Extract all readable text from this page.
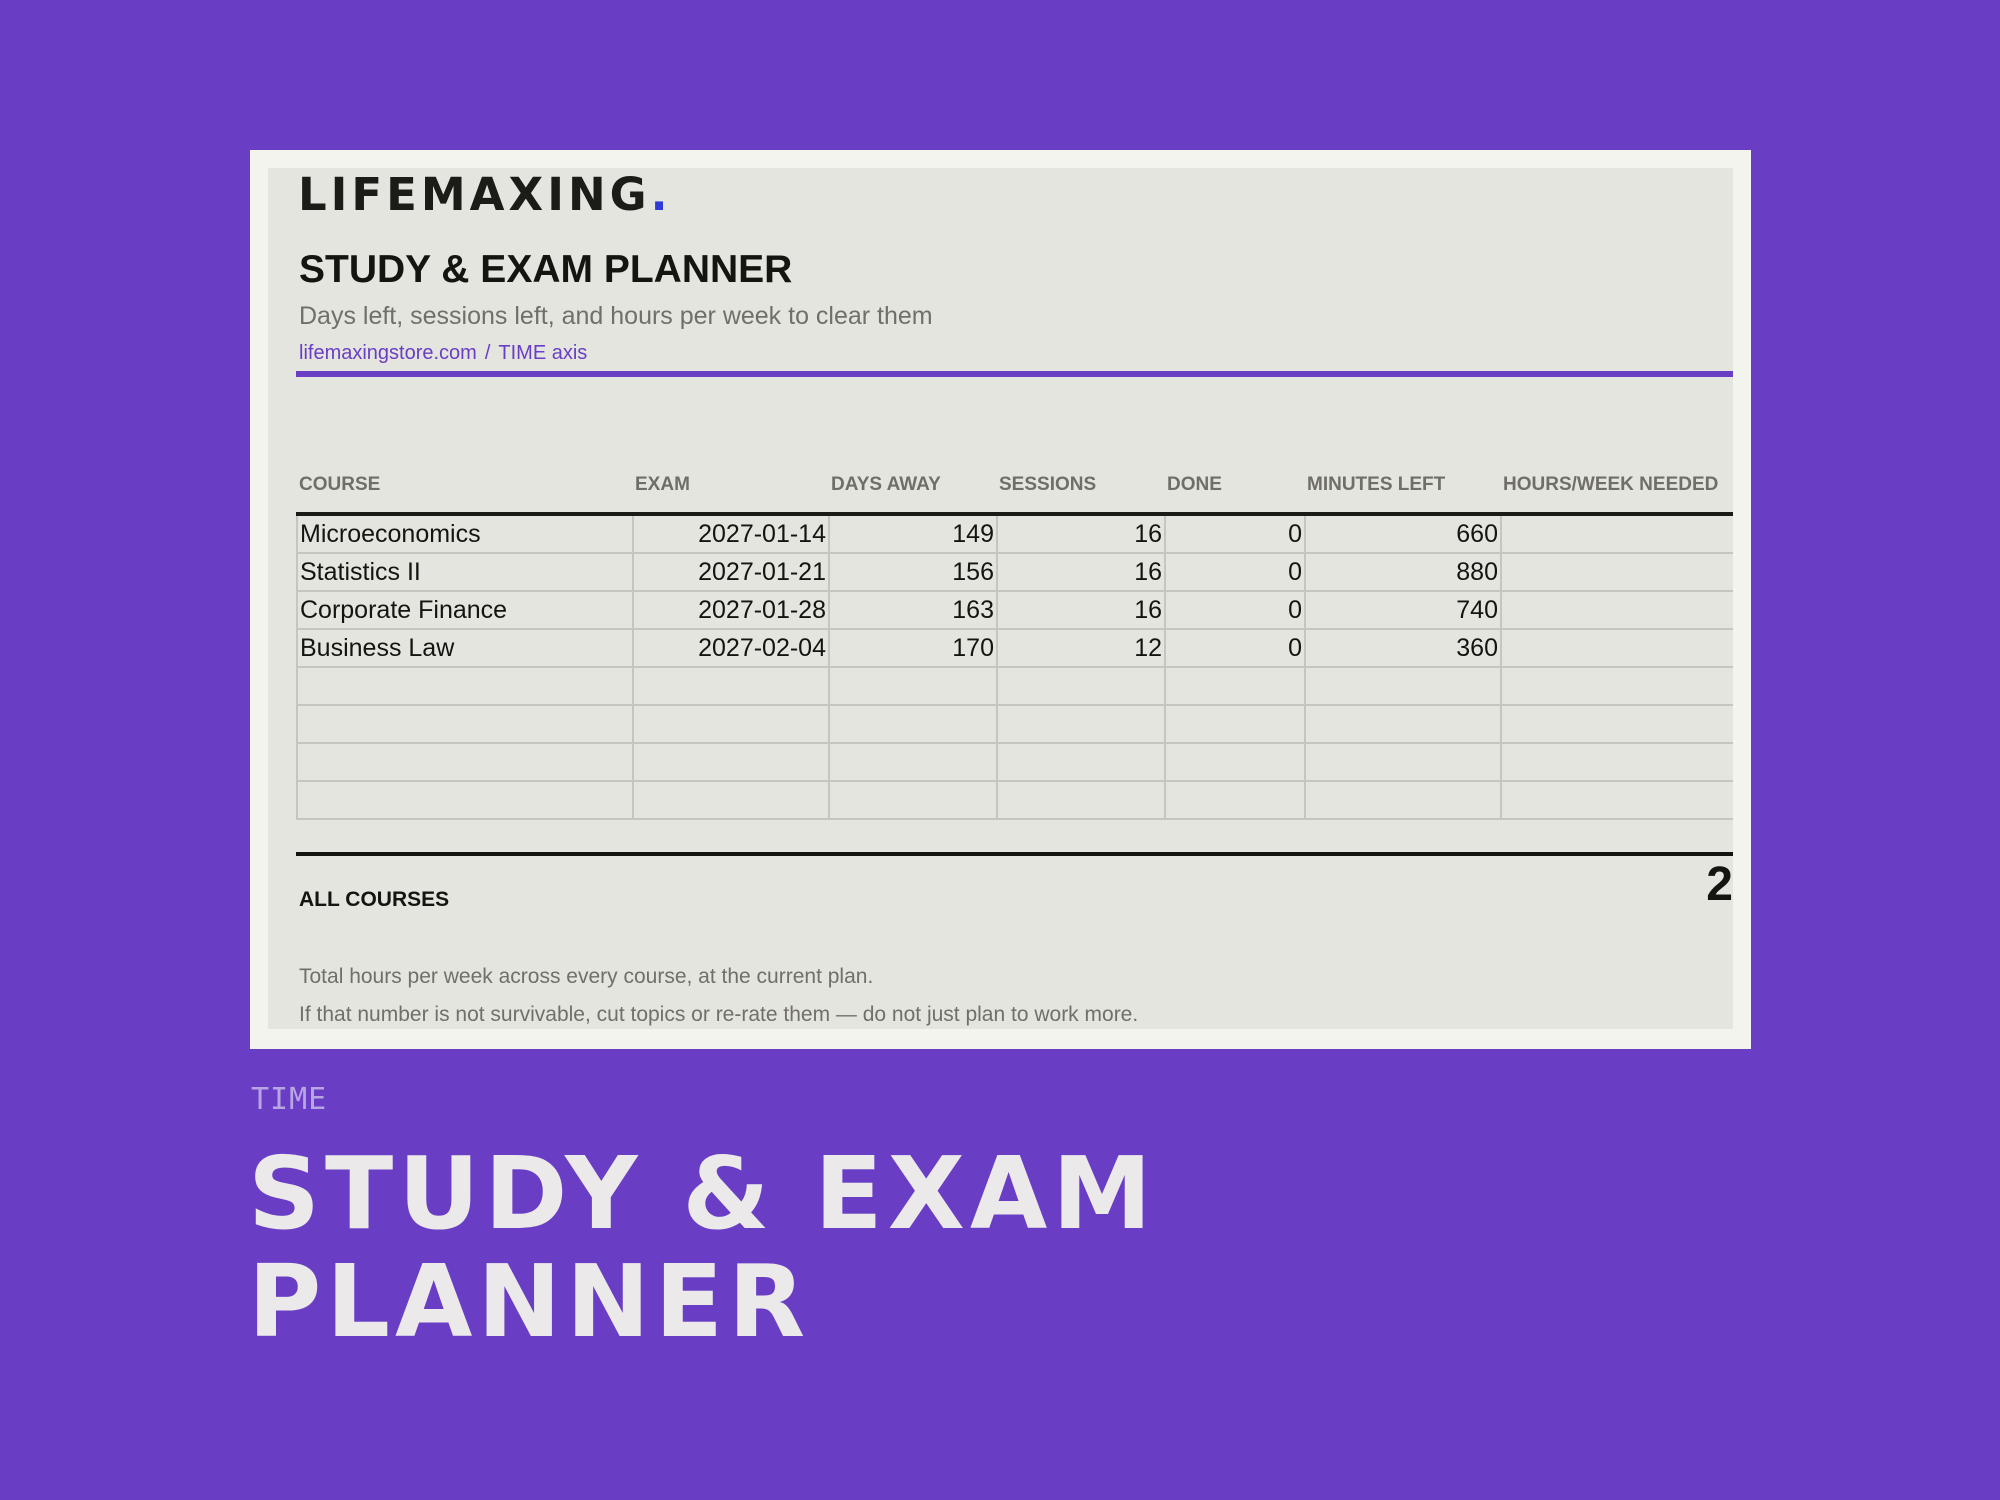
LIFEMAXING.
STUDY & EXAM PLANNER
Days left, sessions left, and hours per week to clear them
lifemaxingstore.com / TIME axis
COURSE	EXAM	DAYS AWAY	SESSIONS	DONE	MINUTES LEFT	HOURS/WEEK NEEDED
Microeconomics	2027-01-14	149	16	0	660	
Statistics II	2027-01-21	156	16	0	880	
Corporate Finance	2027-01-28	163	16	0	740	
Business Law	2027-02-04	170	12	0	360	

ALL COURSES	2
Total hours per week across every course, at the current plan.
If that number is not survivable, cut topics or re-rate them — do not just plan to work more.
TIME
STUDY & EXAM
PLANNER
